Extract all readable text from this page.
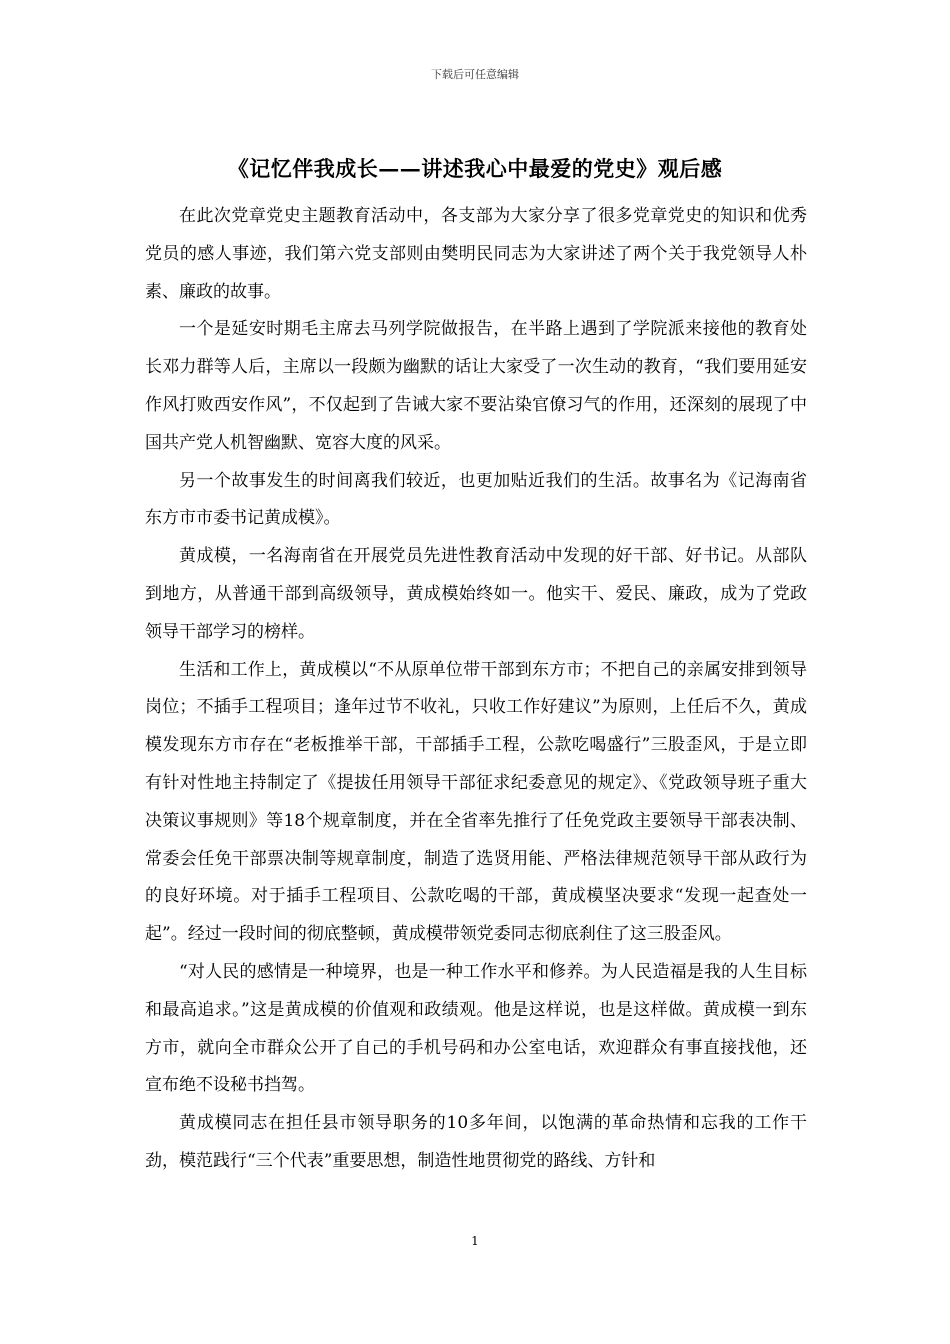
下载后可任意编辑
《记忆伴我成长——讲述我心中最爱的党史》观后感

在此次党章党史主题教育活动中，各支部为大家分享了很多党章党史的知识和优秀党员的感人事迹，我们第六党支部则由樊明民同志为大家讲述了两个关于我党领导人朴素、廉政的故事。

一个是延安时期毛主席去马列学院做报告，在半路上遇到了学院派来接他的教育处长邓力群等人后，主席以一段颇为幽默的话让大家受了一次生动的教育，“我们要用延安作风打败西安作风”，不仅起到了告诫大家不要沾染官僚习气的作用，还深刻的展现了中国共产党人机智幽默、宽容大度的风采。

另一个故事发生的时间离我们较近，也更加贴近我们的生活。故事名为《记海南省东方市市委书记黄成模》。

黄成模，一名海南省在开展党员先进性教育活动中发现的好干部、好书记。从部队到地方，从普通干部到高级领导，黄成模始终如一。他实干、爱民、廉政，成为了党政领导干部学习的榜样。

生活和工作上，黄成模以“不从原单位带干部到东方市；不把自己的亲属安排到领导岗位；不插手工程项目；逢年过节不收礼，只收工作好建议”为原则，上任后不久，黄成模发现东方市存在“老板推举干部，干部插手工程，公款吃喝盛行”三股歪风，于是立即有针对性地主持制定了《提拔任用领导干部征求纪委意见的规定》、《党政领导班子重大决策议事规则》等18个规章制度，并在全省率先推行了任免党政主要领导干部表决制、常委会任免干部票决制等规章制度，制造了选贤用能、严格法律规范领导干部从政行为的良好环境。对于插手工程项目、公款吃喝的干部，黄成模坚决要求“发现一起查处一起”。经过一段时间的彻底整顿，黄成模带领党委同志彻底刹住了这三股歪风。

“对人民的感情是一种境界，也是一种工作水平和修养。为人民造福是我的人生目标和最高追求。”这是黄成模的价值观和政绩观。他是这样说，也是这样做。黄成模一到东方市，就向全市群众公开了自己的手机号码和办公室电话，欢迎群众有事直接找他，还宣布绝不设秘书挡驾。

黄成模同志在担任县市领导职务的10多年间，以饱满的革命热情和忘我的工作干劲，模范践行“三个代表”重要思想，制造性地贯彻党的路线、方针和

1
